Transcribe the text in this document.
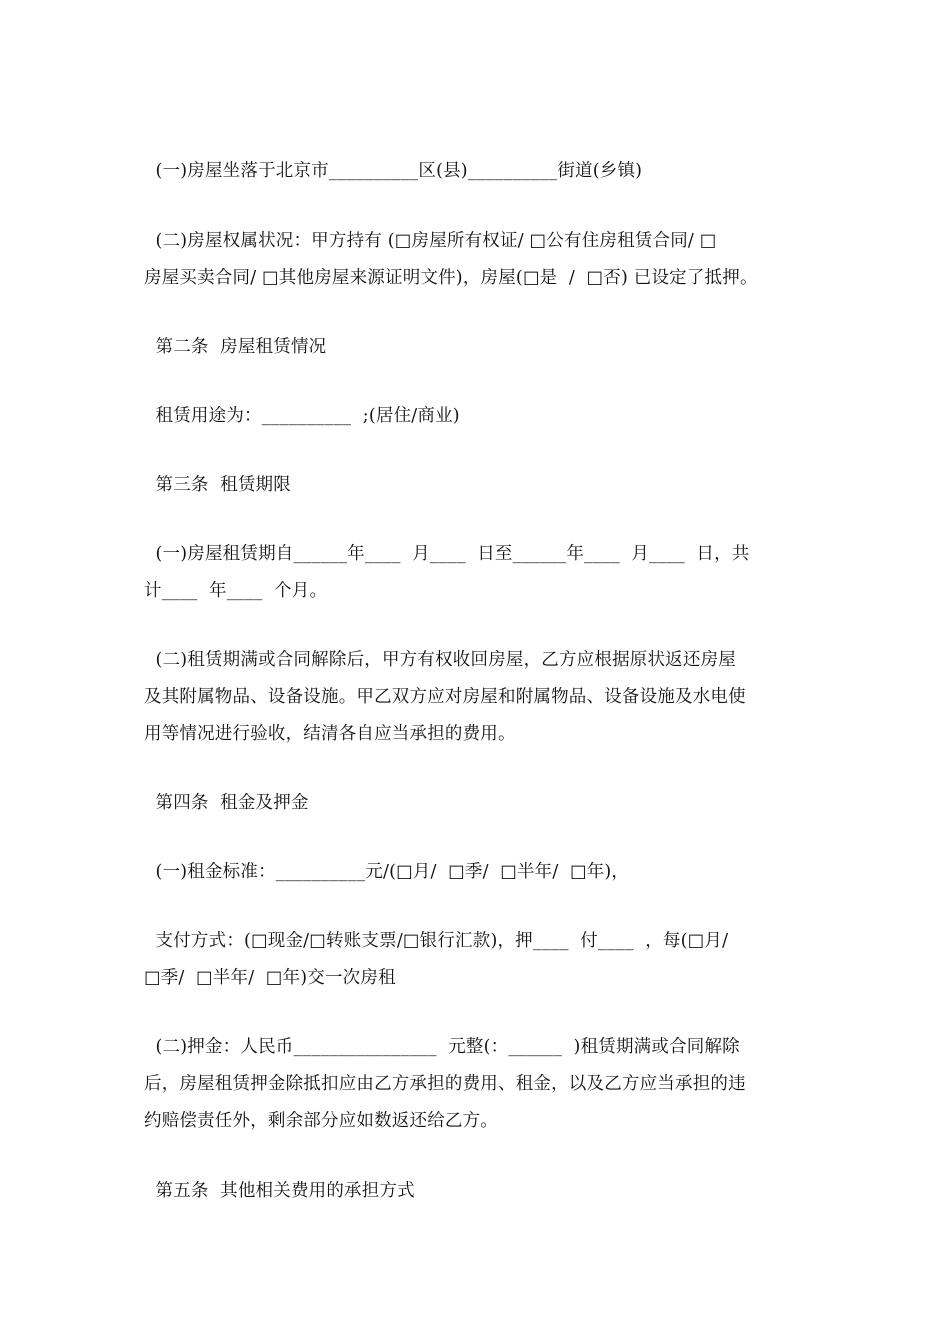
(一)房屋坐落于北京市__________区(县)__________街道(乡镇)
(二)房屋权属状况：甲方持有 (□房屋所有权证/ □公有住房租赁合同/ □
房屋买卖合同/ □其他房屋来源证明文件)，房屋(□是  /  □否) 已设定了抵押。
第二条  房屋租赁情况
租赁用途为：__________  ;(居住/商业)
第三条  租赁期限
(一)房屋租赁期自______年____  月____  日至______年____  月____  日，共
计____  年____  个月。
(二)租赁期满或合同解除后，甲方有权收回房屋，乙方应根据原状返还房屋
及其附属物品、设备设施。甲乙双方应对房屋和附属物品、设备设施及水电使
用等情况进行验收，结清各自应当承担的费用。
第四条  租金及押金
(一)租金标准：__________元/(□月/  □季/  □半年/  □年)，
支付方式：(□现金/□转账支票/□银行汇款)，押____  付____  ，每(□月/
□季/  □半年/  □年)交一次房租
(二)押金：人民币________________  元整(：______  )租赁期满或合同解除
后，房屋租赁押金除抵扣应由乙方承担的费用、租金，以及乙方应当承担的违
约赔偿责任外，剩余部分应如数返还给乙方。
第五条  其他相关费用的承担方式
